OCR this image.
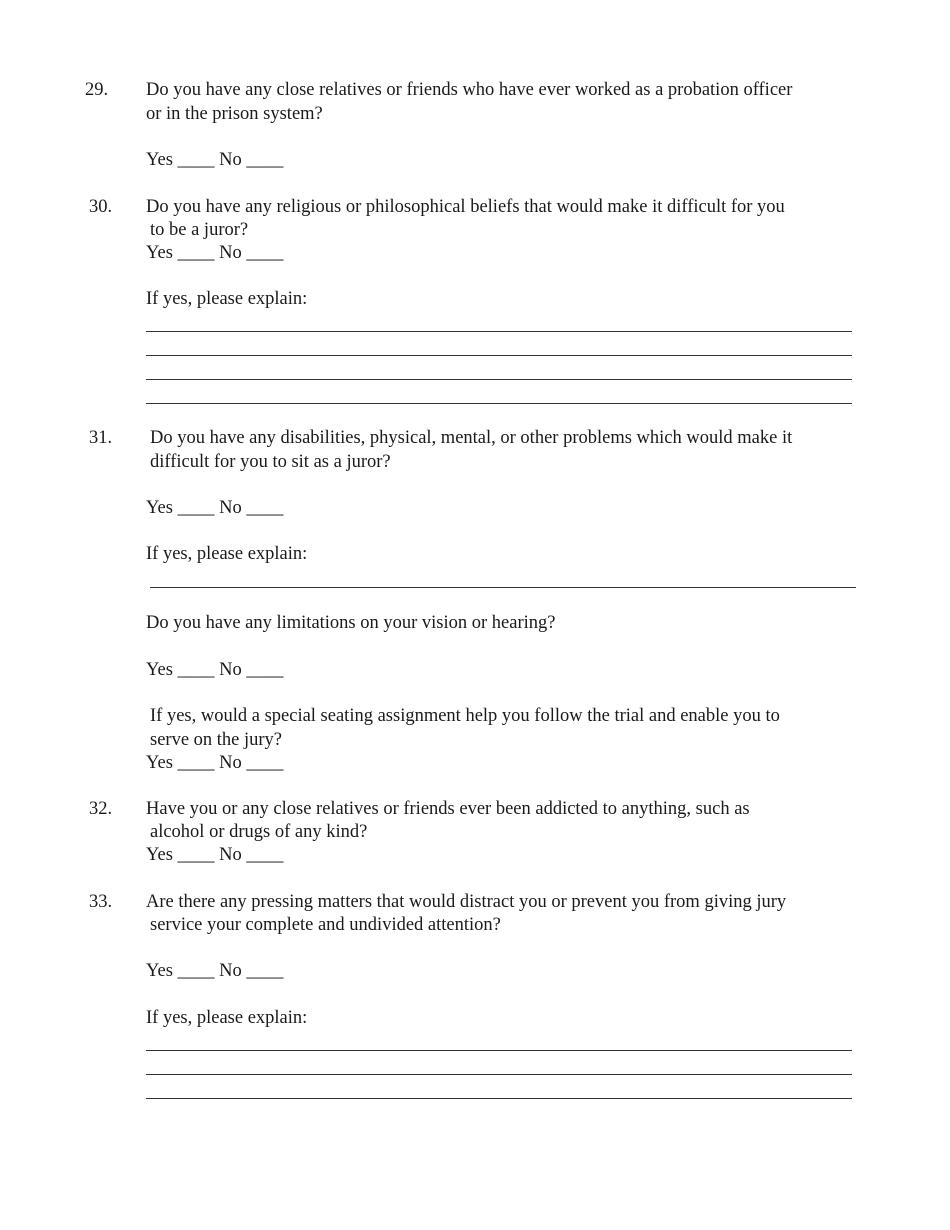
29. Do you have any close relatives or friends who have ever worked as a probation officer
or in the prison system?
Yes ____ No ____
30. Do you have any religious or philosophical beliefs that would make it difficult for you
to be a juror?
Yes ____ No ____
If yes, please explain:
31. Do you have any disabilities, physical, mental, or other problems which would make it
difficult for you to sit as a juror?
Yes ____ No ____
If yes, please explain:
Do you have any limitations on your vision or hearing?
Yes ____ No ____
If yes, would a special seating assignment help you follow the trial and enable you to
serve on the jury?
Yes ____ No ____
32. Have you or any close relatives or friends ever been addicted to anything, such as
alcohol or drugs of any kind?
Yes ____ No ____
33. Are there any pressing matters that would distract you or prevent you from giving jury
service your complete and undivided attention?
Yes ____ No ____
If yes, please explain:
